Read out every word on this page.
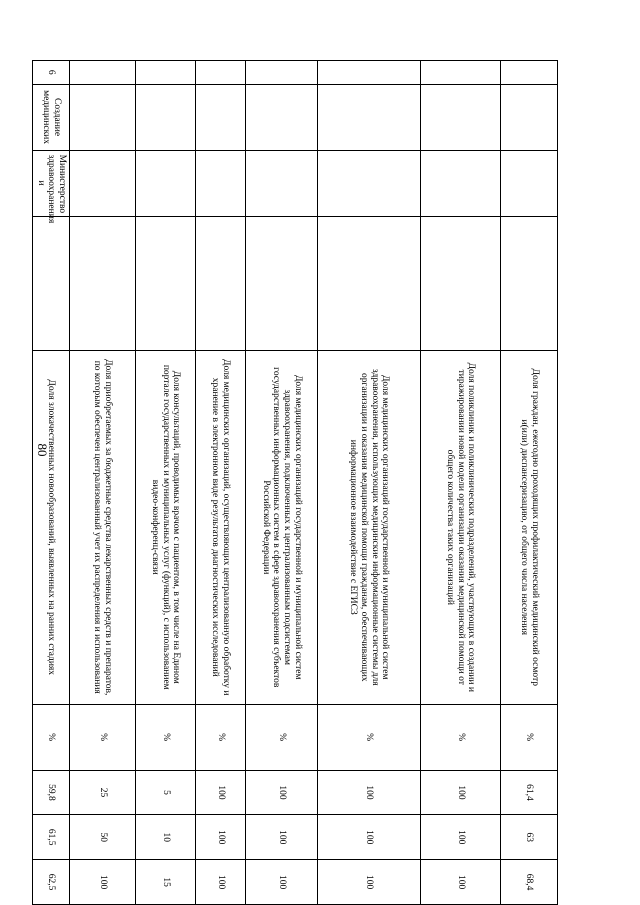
80
					Доля граждан, ежегодно проходящих профилактический медицинский осмотр и(или) диспансеризацию, от общего числа населения	%	61,4	63	68,4
				Доля поликлиник и поликлинических подразделений, участвующих в создании и тиражировании новой модели организации оказания медицинской помощи от общего количества таких организаций	%	100	100	100
				Доля медицинских организаций государственной и муниципальной систем здравоохранения, использующих медицинские информационные системы для организации и оказания медицинской помощи гражданам, обеспечивающих информационное взаимодействие с ЕГИСЗ	%	100	100	100
				Доля медицинских организаций государственной и муниципальной систем здравоохранения, подключенных к централизованным подсистемам государственных информационных систем в сфере здравоохранения субъектов Российской Федерации	%	100	100	100
				Доля медицинских организаций, осуществляющих централизованную обработку и хранение в электронном виде результатов диагностических исследований	%	100	100	100
				Доля консультаций, проводимых врачом с пациентом, в том числе на Едином портале государственных и муниципальных услуг (функций), с использованием видео-конференц-связи	%	5	10	15
				Доля приобретаемых за бюджетные средства лекарственных средств и препаратов, по которым обеспечен централизованный учет их распределения и использования	%	25	50	100
6	Создание медицинских	Министерство здравоохранения и		Доля злокачественных новообразований, выявленных на ранних стадиях	%	59,8	61,5	62,5
